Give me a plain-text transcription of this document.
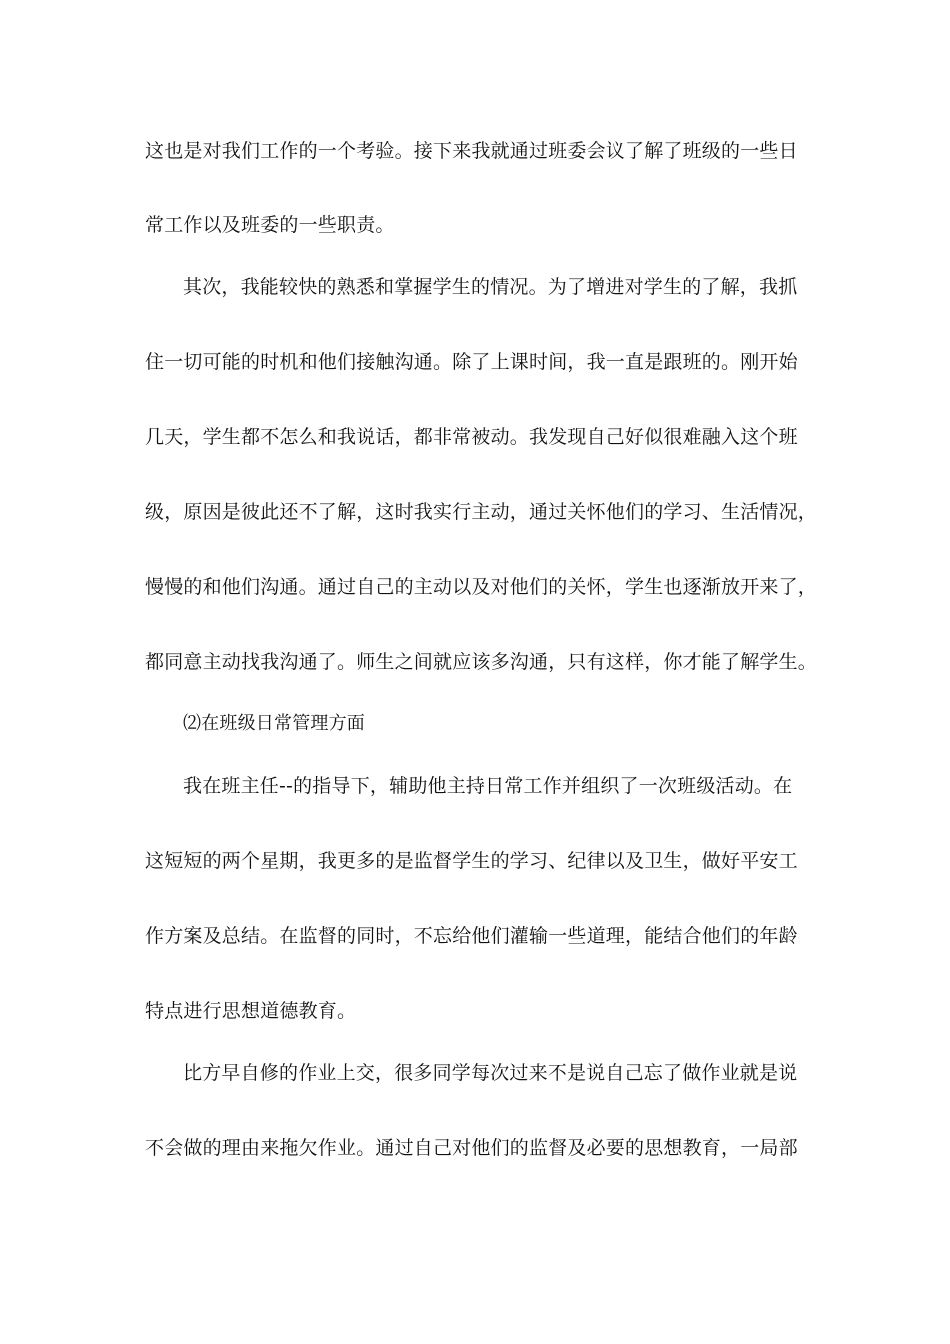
这也是对我们工作的一个考验。接下来我就通过班委会议了解了班级的一些日
常工作以及班委的一些职责。
其次，我能较快的熟悉和掌握学生的情况。为了增进对学生的了解，我抓
住一切可能的时机和他们接触沟通。除了上课时间，我一直是跟班的。刚开始
几天，学生都不怎么和我说话，都非常被动。我发现自己好似很难融入这个班
级，原因是彼此还不了解，这时我实行主动，通过关怀他们的学习、生活情况，
慢慢的和他们沟通。通过自己的主动以及对他们的关怀，学生也逐渐放开来了，
都同意主动找我沟通了。师生之间就应该多沟通，只有这样，你才能了解学生。
⑵在班级日常管理方面
我在班主任--的指导下，辅助他主持日常工作并组织了一次班级活动。在
这短短的两个星期，我更多的是监督学生的学习、纪律以及卫生，做好平安工
作方案及总结。在监督的同时，不忘给他们灌输一些道理，能结合他们的年龄
特点进行思想道德教育。
比方早自修的作业上交，很多同学每次过来不是说自己忘了做作业就是说
不会做的理由来拖欠作业。通过自己对他们的监督及必要的思想教育，一局部
